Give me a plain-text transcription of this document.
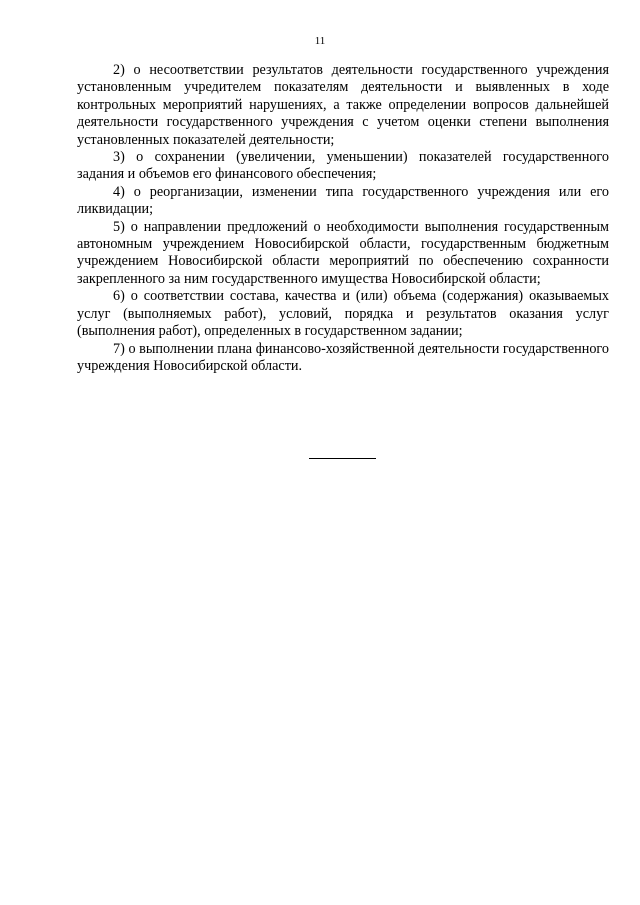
11

2) о несоответствии результатов деятельности государственного учреждения установленным учредителем показателям деятельности и выявленных в ходе контрольных мероприятий нарушениях, а также определении вопросов дальнейшей деятельности государственного учреждения с учетом оценки степени выполнения установленных показателей деятельности;

3) о сохранении (увеличении, уменьшении) показателей государственного задания и объемов его финансового обеспечения;

4) о реорганизации, изменении типа государственного учреждения или его ликвидации;

5) о направлении предложений о необходимости выполнения государственным автономным учреждением Новосибирской области, государственным бюджетным учреждением Новосибирской области мероприятий по обеспечению сохранности закрепленного за ним государственного имущества Новосибирской области;

6) о соответствии состава, качества и (или) объема (содержания) оказываемых услуг (выполняемых работ), условий, порядка и результатов оказания услуг (выполнения работ), определенных в государственном задании;

7) о выполнении плана финансово-хозяйственной деятельности государственного учреждения Новосибирской области.
